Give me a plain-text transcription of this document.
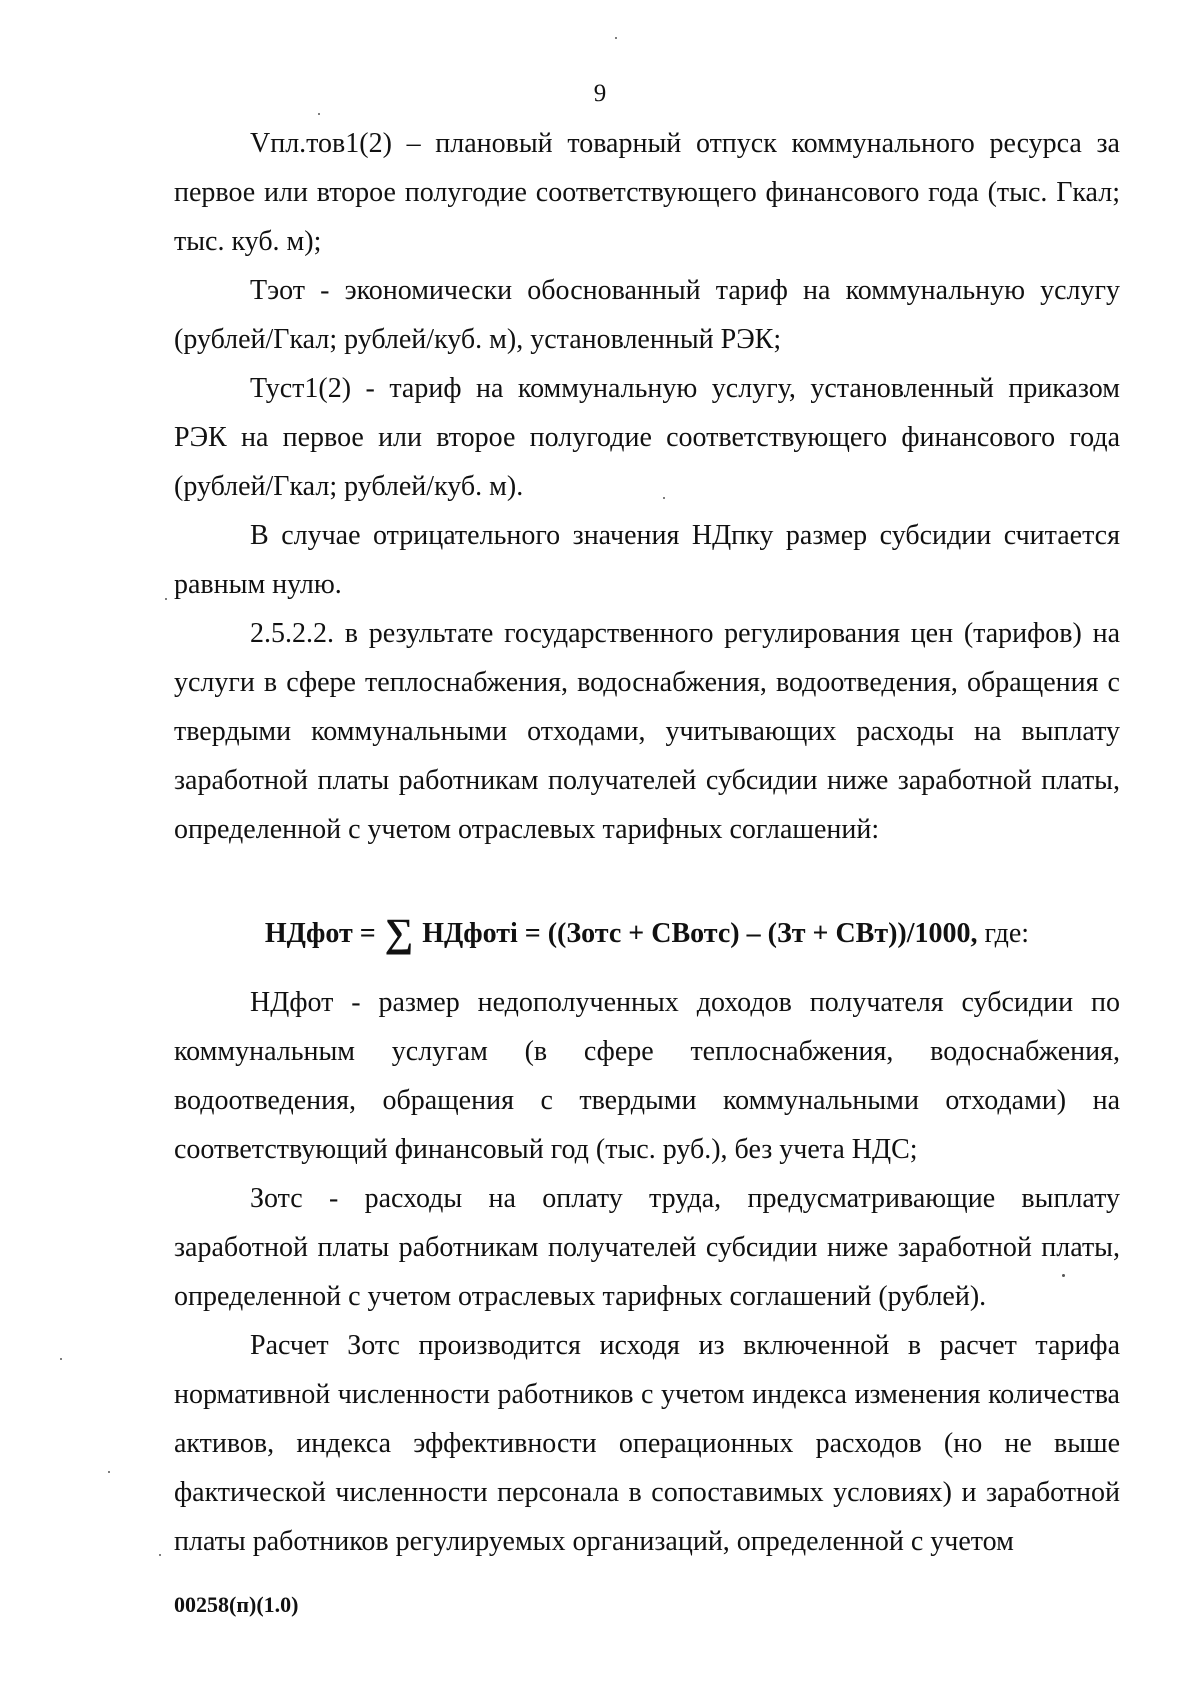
9

Vпл.тов1(2) – плановый товарный отпуск коммунального ресурса за первое или второе полугодие соответствующего финансового года (тыс. Гкал; тыс. куб. м);

Тэот - экономически обоснованный тариф на коммунальную услугу (рублей/Гкал; рублей/куб. м), установленный РЭК;

Туст1(2) - тариф на коммунальную услугу, установленный приказом РЭК на первое или второе полугодие соответствующего финансового года (рублей/Гкал; рублей/куб. м).

В случае отрицательного значения НДпку размер субсидии считается равным нулю.

2.5.2.2. в результате государственного регулирования цен (тарифов) на услуги в сфере теплоснабжения, водоснабжения, водоотведения, обращения с твердыми коммунальными отходами, учитывающих расходы на выплату заработной платы работникам получателей субсидии ниже заработной платы, определенной с учетом отраслевых тарифных соглашений:

НДфот = ∑ НДфотi = ((Зотс + СВотс) – (Зт + СВт))/1000, где:

НДфот - размер недополученных доходов получателя субсидии по коммунальным услугам (в сфере теплоснабжения, водоснабжения, водоотведения, обращения с твердыми коммунальными отходами) на соответствующий финансовый год (тыс. руб.), без учета НДС;

Зотс - расходы на оплату труда, предусматривающие выплату заработной платы работникам получателей субсидии ниже заработной платы, определенной с учетом отраслевых тарифных соглашений (рублей).

Расчет Зотс производится исходя из включенной в расчет тарифа нормативной численности работников с учетом индекса изменения количества активов, индекса эффективности операционных расходов (но не выше фактической численности персонала в сопоставимых условиях) и заработной платы работников регулируемых организаций, определенной с учетом

00258(п)(1.0)
